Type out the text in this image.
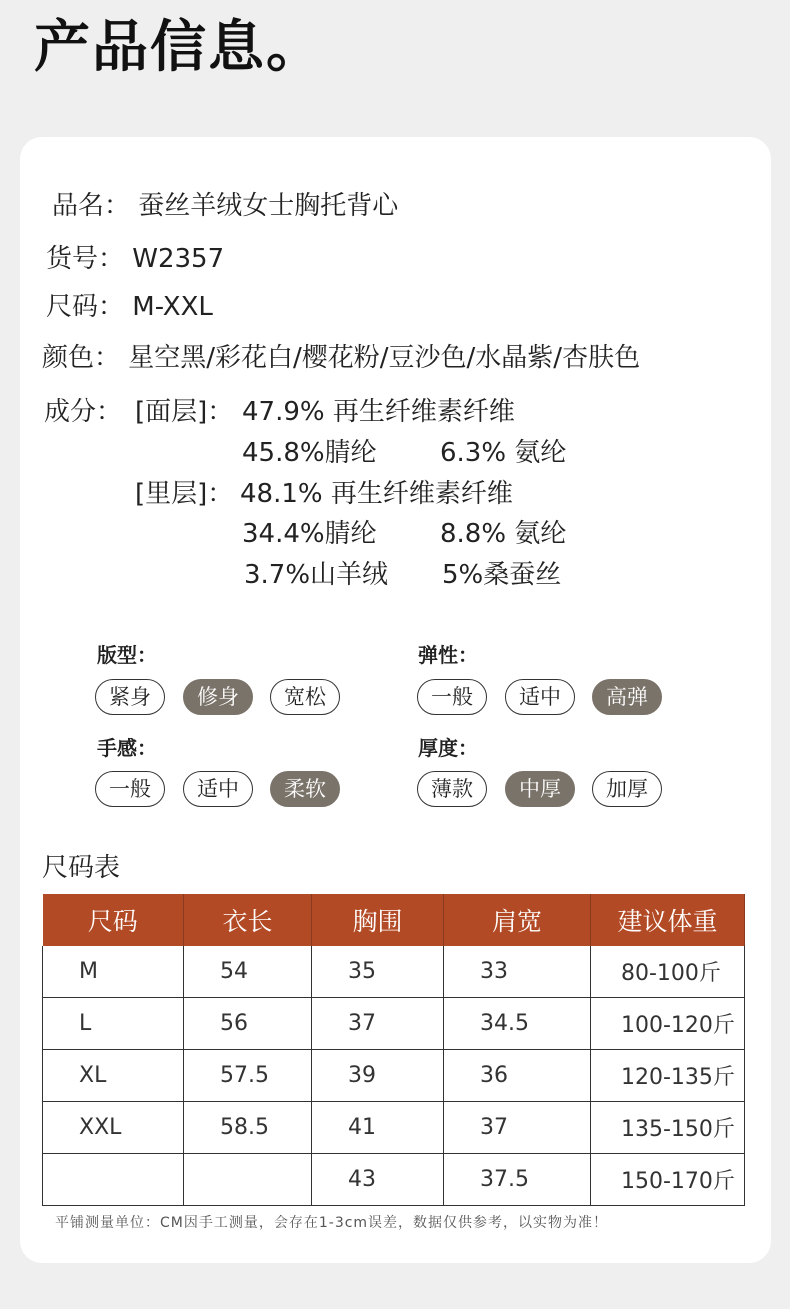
产品信息。
品名： 蚕丝羊绒女士胸托背心
货号： W2357
尺码： M-XXL
颜色： 星空黑/彩花白/樱花粉/豆沙色/水晶紫/杏肤色
成分： [面层]： 47.9% 再生纤维素纤维
45.8%腈纶 6.3% 氨纶
[里层]： 48.1% 再生纤维素纤维
34.4%腈纶 8.8% 氨纶
3.7%山羊绒 5%桑蚕丝
版型：
紧身	修身	宽松
弹性：
一般	适中	高弹
手感：
一般	适中	柔软
厚度：
薄款	中厚	加厚
尺码表
尺码	衣长	胸围	肩宽	建议体重
M	54	35	33	80-100斤
L	56	37	34.5	100-120斤
XL	57.5	39	36	120-135斤
XXL	58.5	41	37	135-150斤
		43	37.5	150-170斤
平铺测量单位：CM因手工测量，会存在1-3cm误差，数据仅供参考，以实物为准！
